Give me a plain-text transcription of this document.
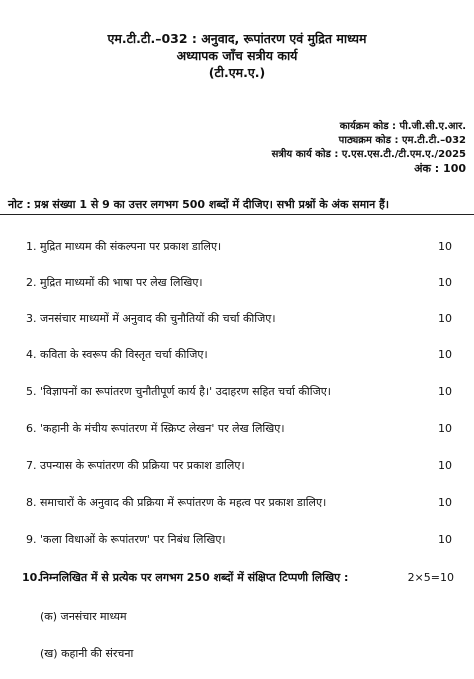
एम.टी.टी.–032 : अनुवाद, रूपांतरण एवं मुद्रित माध्यम
अध्यापक जाँच सत्रीय कार्य
(टी.एम.ए.)
कार्यक्रम कोड : पी.जी.सी.ए.आर.
पाठ्यक्रम कोड : एम.टी.टी.–032
सत्रीय कार्य कोड : ए.एस.एस.टी./टी.एम.ए./2025
अंक : 100
नोट : प्रश्न संख्या 1 से 9 का उत्तर लगभग 500 शब्दों में दीजिए। सभी प्रश्नों के अंक समान हैं।
1. मुद्रित माध्यम की संकल्पना पर प्रकाश डालिए।	10
2. मुद्रित माध्यमों की भाषा पर लेख लिखिए।	10
3. जनसंचार माध्यमों में अनुवाद की चुनौतियों की चर्चा कीजिए।	10
4. कविता के स्वरूप की विस्तृत चर्चा कीजिए।	10
5. 'विज्ञापनों का रूपांतरण चुनौतीपूर्ण कार्य है।' उदाहरण सहित चर्चा कीजिए।	10
6. 'कहानी के मंचीय रूपांतरण में स्क्रिप्ट लेखन' पर लेख लिखिए।	10
7. उपन्यास के रूपांतरण की प्रक्रिया पर प्रकाश डालिए।	10
8. समाचारों के अनुवाद की प्रक्रिया में रूपांतरण के महत्व पर प्रकाश डालिए।	10
9. 'कला विधाओं के रूपांतरण' पर निबंध लिखिए।	10
10.
निम्नलिखित में से प्रत्येक पर लगभग 250 शब्दों में संक्षिप्त टिप्पणी लिखिए :	2×5=10
(क) जनसंचार माध्यम
(ख) कहानी की संरचना
